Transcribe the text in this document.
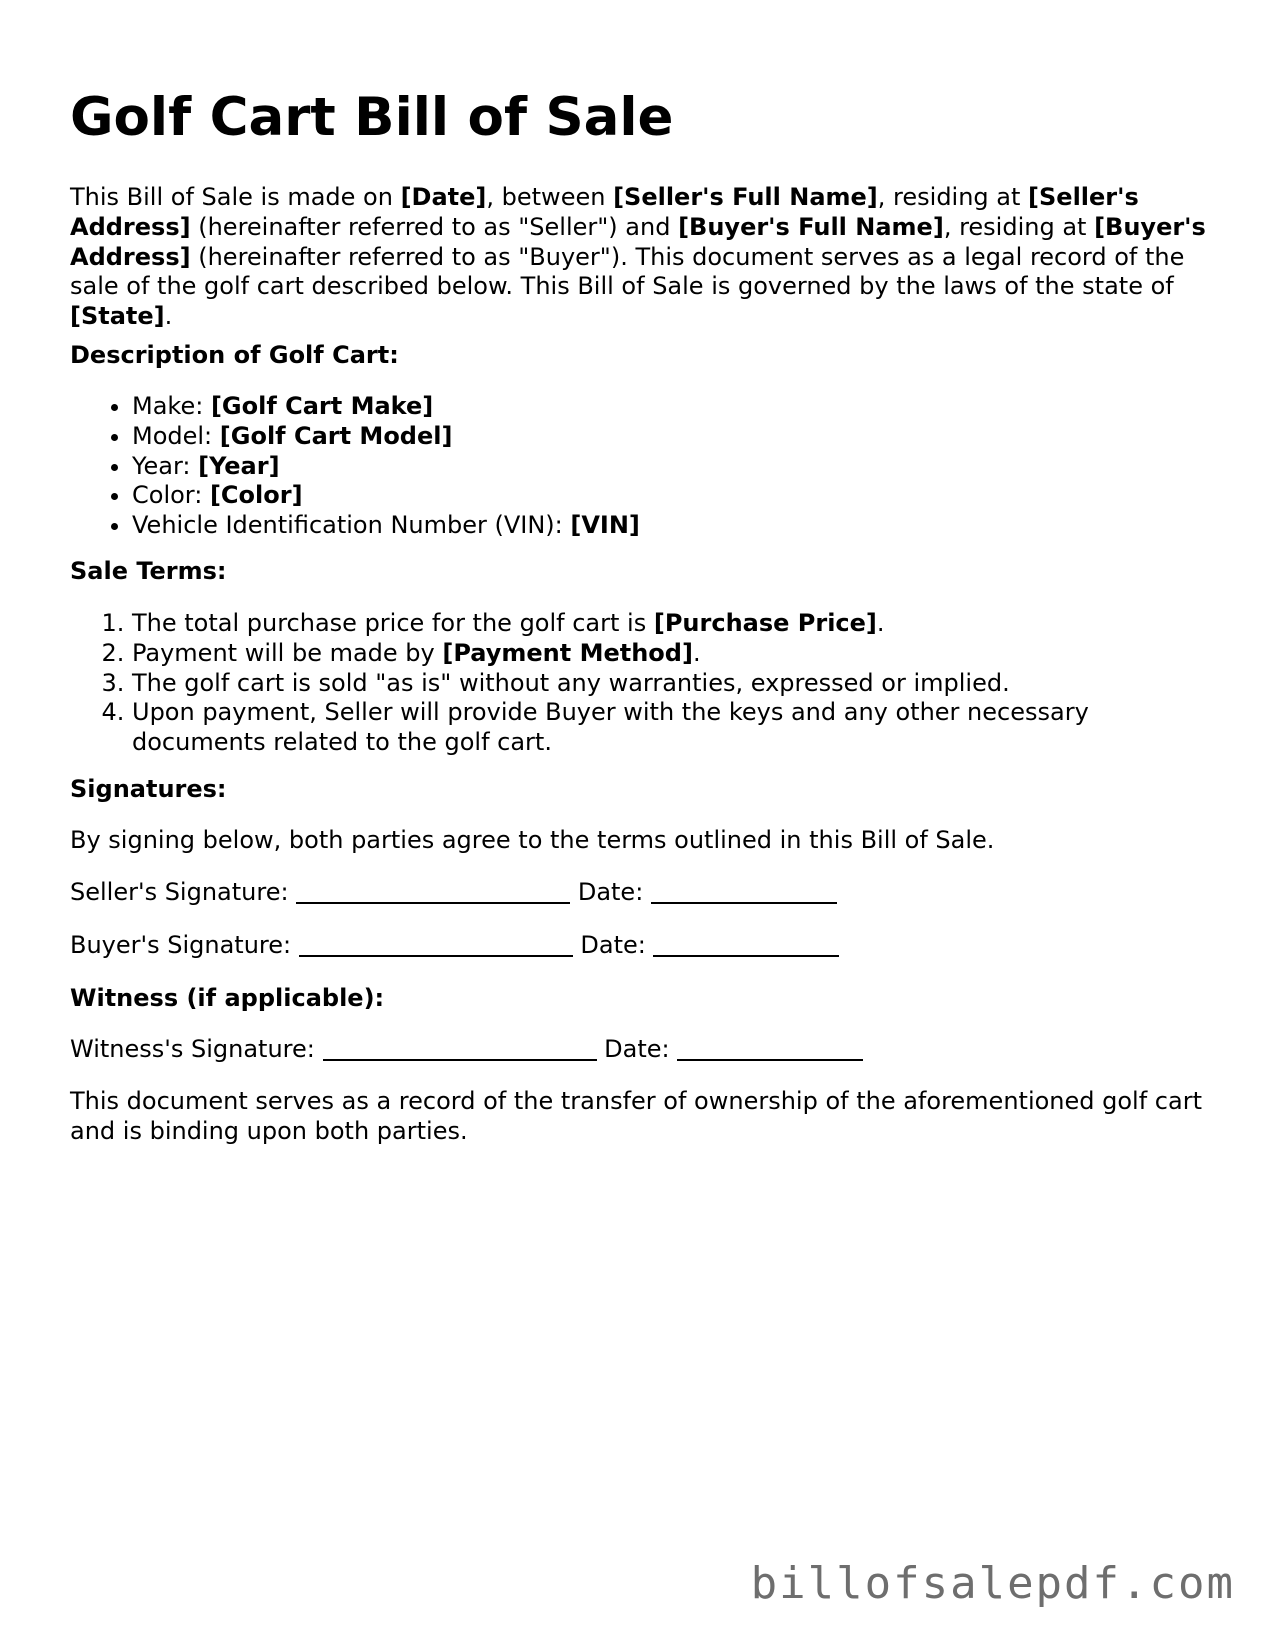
Golf Cart Bill of Sale

This Bill of Sale is made on [Date], between [Seller's Full Name], residing at [Seller's Address] (hereinafter referred to as "Seller") and [Buyer's Full Name], residing at [Buyer's Address] (hereinafter referred to as "Buyer"). This document serves as a legal record of the sale of the golf cart described below. This Bill of Sale is governed by the laws of the state of [State].

Description of Golf Cart:
• Make: [Golf Cart Make]
• Model: [Golf Cart Model]
• Year: [Year]
• Color: [Color]
• Vehicle Identification Number (VIN): [VIN]
Sale Terms:
1. The total purchase price for the golf cart is [Purchase Price].
2. Payment will be made by [Payment Method].
3. The golf cart is sold "as is" without any warranties, expressed or implied.
4. Upon payment, Seller will provide Buyer with the keys and any other necessary documents related to the golf cart.
Signatures:
By signing below, both parties agree to the terms outlined in this Bill of Sale.
Seller's Signature:	Date:
Buyer's Signature:	Date:
Witness (if applicable):
Witness's Signature:	Date:

This document serves as a record of the transfer of ownership of the aforementioned golf cart and is binding upon both parties.

billofsalepdf.com
